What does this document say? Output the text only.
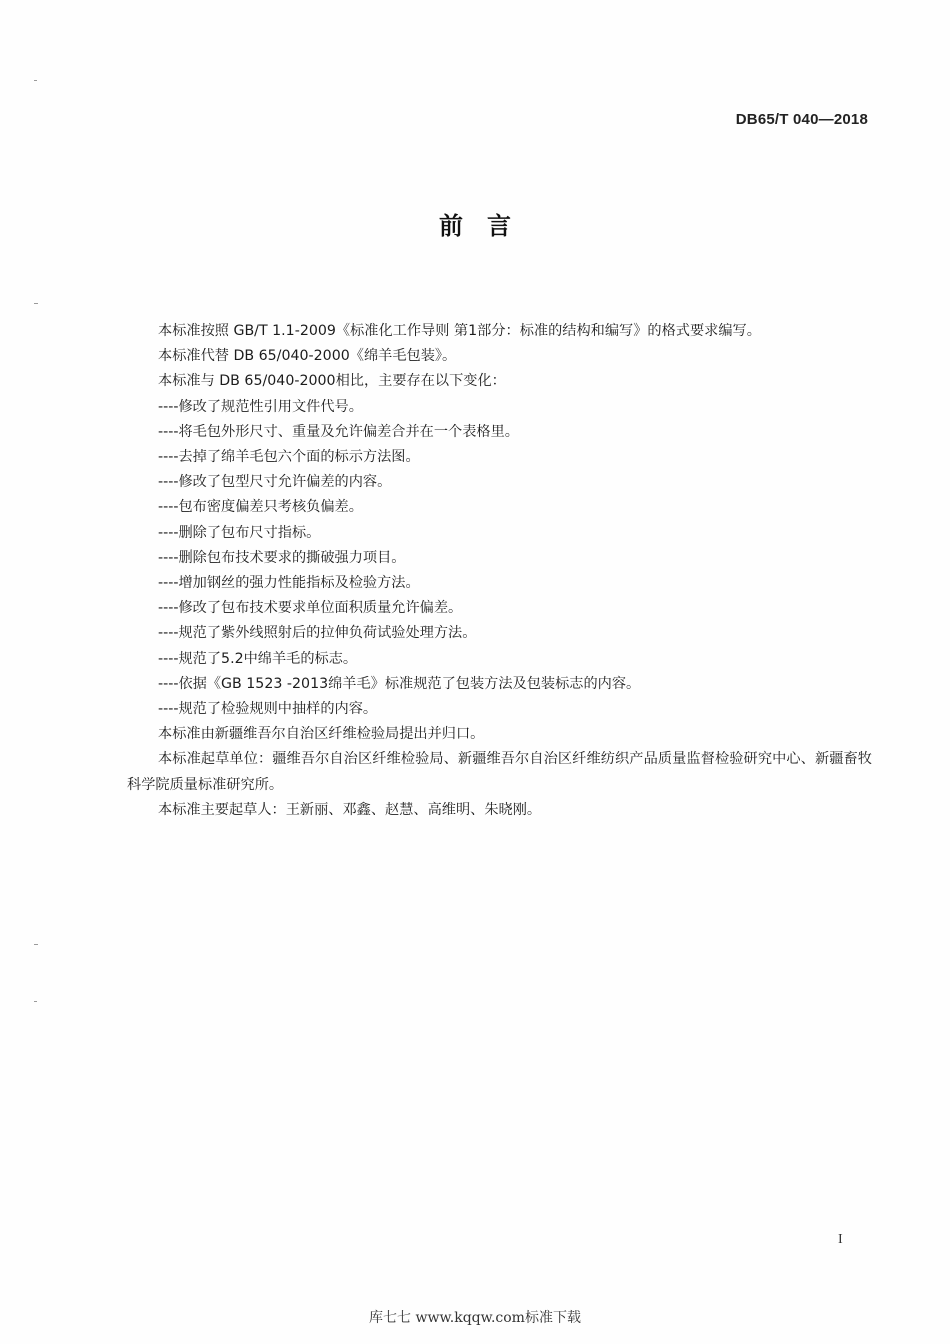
DB65/T 040—2018
前言

本标准按照 GB/T 1.1-2009《标准化工作导则 第1部分：标准的结构和编写》的格式要求编写。

本标准代替 DB 65/040-2000《绵羊毛包装》。

本标准与 DB 65/040-2000相比，主要存在以下变化：

----修改了规范性引用文件代号。

----将毛包外形尺寸、重量及允许偏差合并在一个表格里。

----去掉了绵羊毛包六个面的标示方法图。

----修改了包型尺寸允许偏差的内容。

----包布密度偏差只考核负偏差。

----删除了包布尺寸指标。

----删除包布技术要求的撕破强力项目。

----增加钢丝的强力性能指标及检验方法。

----修改了包布技术要求单位面积质量允许偏差。

----规范了紫外线照射后的拉伸负荷试验处理方法。

----规范了5.2中绵羊毛的标志。

----依据《GB 1523 -2013绵羊毛》标准规范了包装方法及包装标志的内容。

----规范了检验规则中抽样的内容。

本标准由新疆维吾尔自治区纤维检验局提出并归口。

本标准起草单位：疆维吾尔自治区纤维检验局、新疆维吾尔自治区纤维纺织产品质量监督检验研究中心、新疆畜牧科学院质量标准研究所。

本标准主要起草人：王新丽、邓鑫、赵慧、高维明、朱晓刚。

I
库七七 www.kqqw.com标准下载
